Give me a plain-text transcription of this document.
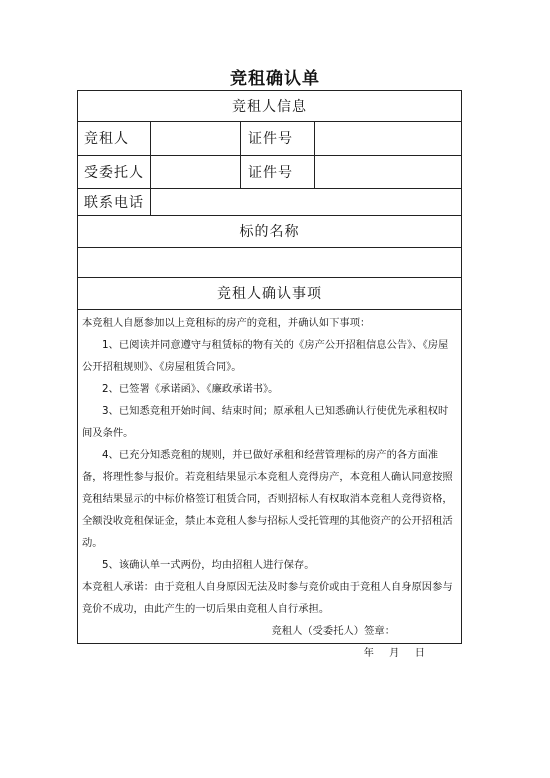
竞租确认单
竞租人信息
竞租人	证件号
受委托人	证件号
联系电话
标的名称
竞租人确认事项

本竞租人自愿参加以上竞租标的房产的竞租，并确认如下事项：

1、已阅读并同意遵守与租赁标的物有关的《房产公开招租信息公告》、《房屋公开招租规则》、《房屋租赁合同》。

2、已签署《承诺函》、《廉政承诺书》。

3、已知悉竞租开始时间、结束时间；原承租人已知悉确认行使优先承租权时间及条件。

4、已充分知悉竞租的规则，并已做好承租和经营管理标的房产的各方面准备，将理性参与报价。若竞租结果显示本竞租人竞得房产，本竞租人确认同意按照竞租结果显示的中标价格签订租赁合同，否则招标人有权取消本竞租人竞得资格，全额没收竞租保证金，禁止本竞租人参与招标人受托管理的其他资产的公开招租活动。

5、该确认单一式两份，均由招租人进行保存。

本竞租人承诺：由于竞租人自身原因无法及时参与竞价或由于竞租人自身原因参与竞价不成功，由此产生的一切后果由竞租人自行承担。

竞租人（受委托人）签章：

年 月 日
